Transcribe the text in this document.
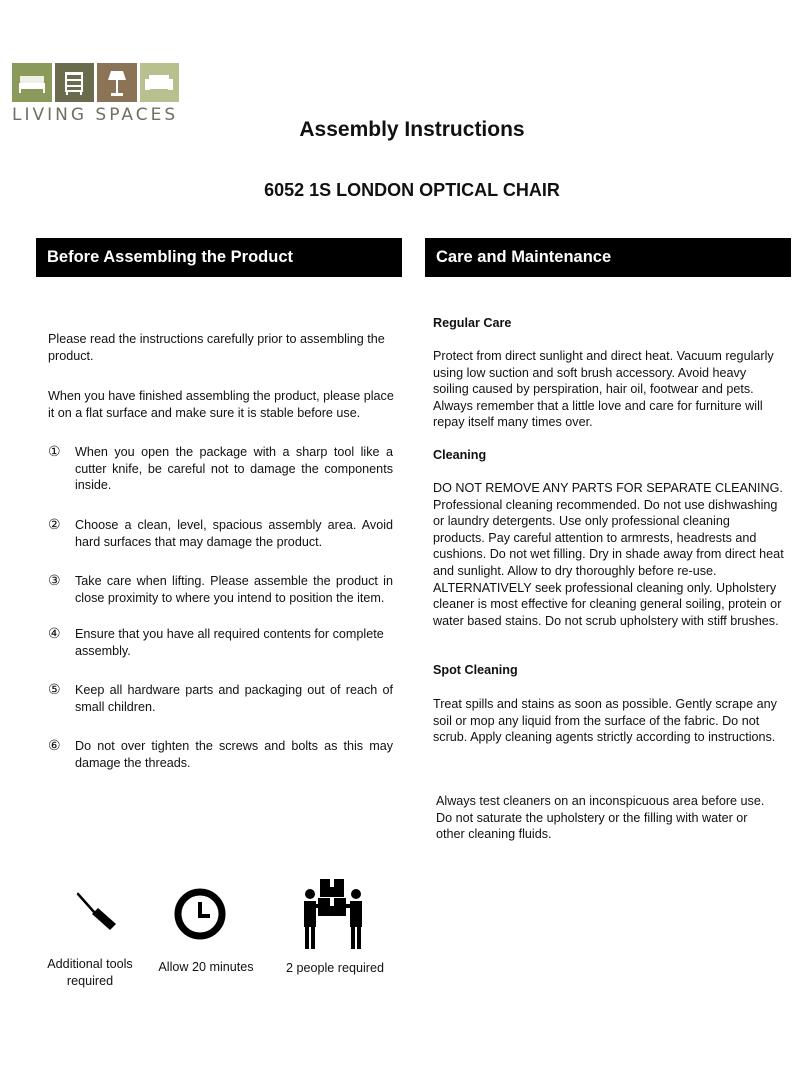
LIVING SPACES
Assembly Instructions
6052 1S LONDON OPTICAL CHAIR
Before Assembling the Product	Care and Maintenance
Please read the instructions carefully prior to assembling the product.
When you have finished assembling the product, please place it on a flat surface and make sure it is stable before use.
①	When you open the package with a sharp tool like a cutter knife, be careful not to damage the components inside.
②	Choose a clean, level, spacious assembly area. Avoid hard surfaces that may damage the product.
③	Take care when lifting. Please assemble the product in close proximity to where you intend to position the item.
④	Ensure that you have all required contents for complete assembly.
⑤	Keep all hardware parts and packaging out of reach of small children.
⑥	Do not over tighten the screws and bolts as this may damage the threads.
Regular Care
Protect from direct sunlight and direct heat. Vacuum regularly using low suction and soft brush accessory. Avoid heavy soiling caused by perspiration, hair oil, footwear and pets. Always remember that a little love and care for furniture will repay itself many times over.
Cleaning
DO NOT REMOVE ANY PARTS FOR SEPARATE CLEANING. Professional cleaning recommended. Do not use dishwashing or laundry detergents. Use only professional cleaning products. Pay careful attention to armrests, headrests and cushions. Do not wet filling. Dry in shade away from direct heat and sunlight. Allow to dry thoroughly before re-use. ALTERNATIVELY seek professional cleaning only. Upholstery cleaner is most effective for cleaning general soiling, protein or water based stains. Do not scrub upholstery with stiff brushes.
Spot Cleaning
Treat spills and stains as soon as possible. Gently scrape any soil or mop any liquid from the surface of the fabric. Do not scrub. Apply cleaning agents strictly according to instructions.
Always test cleaners on an inconspicuous area before use. Do not saturate the upholstery or the filling with water or other cleaning fluids.
Additional tools required
Allow 20 minutes	2 people required
